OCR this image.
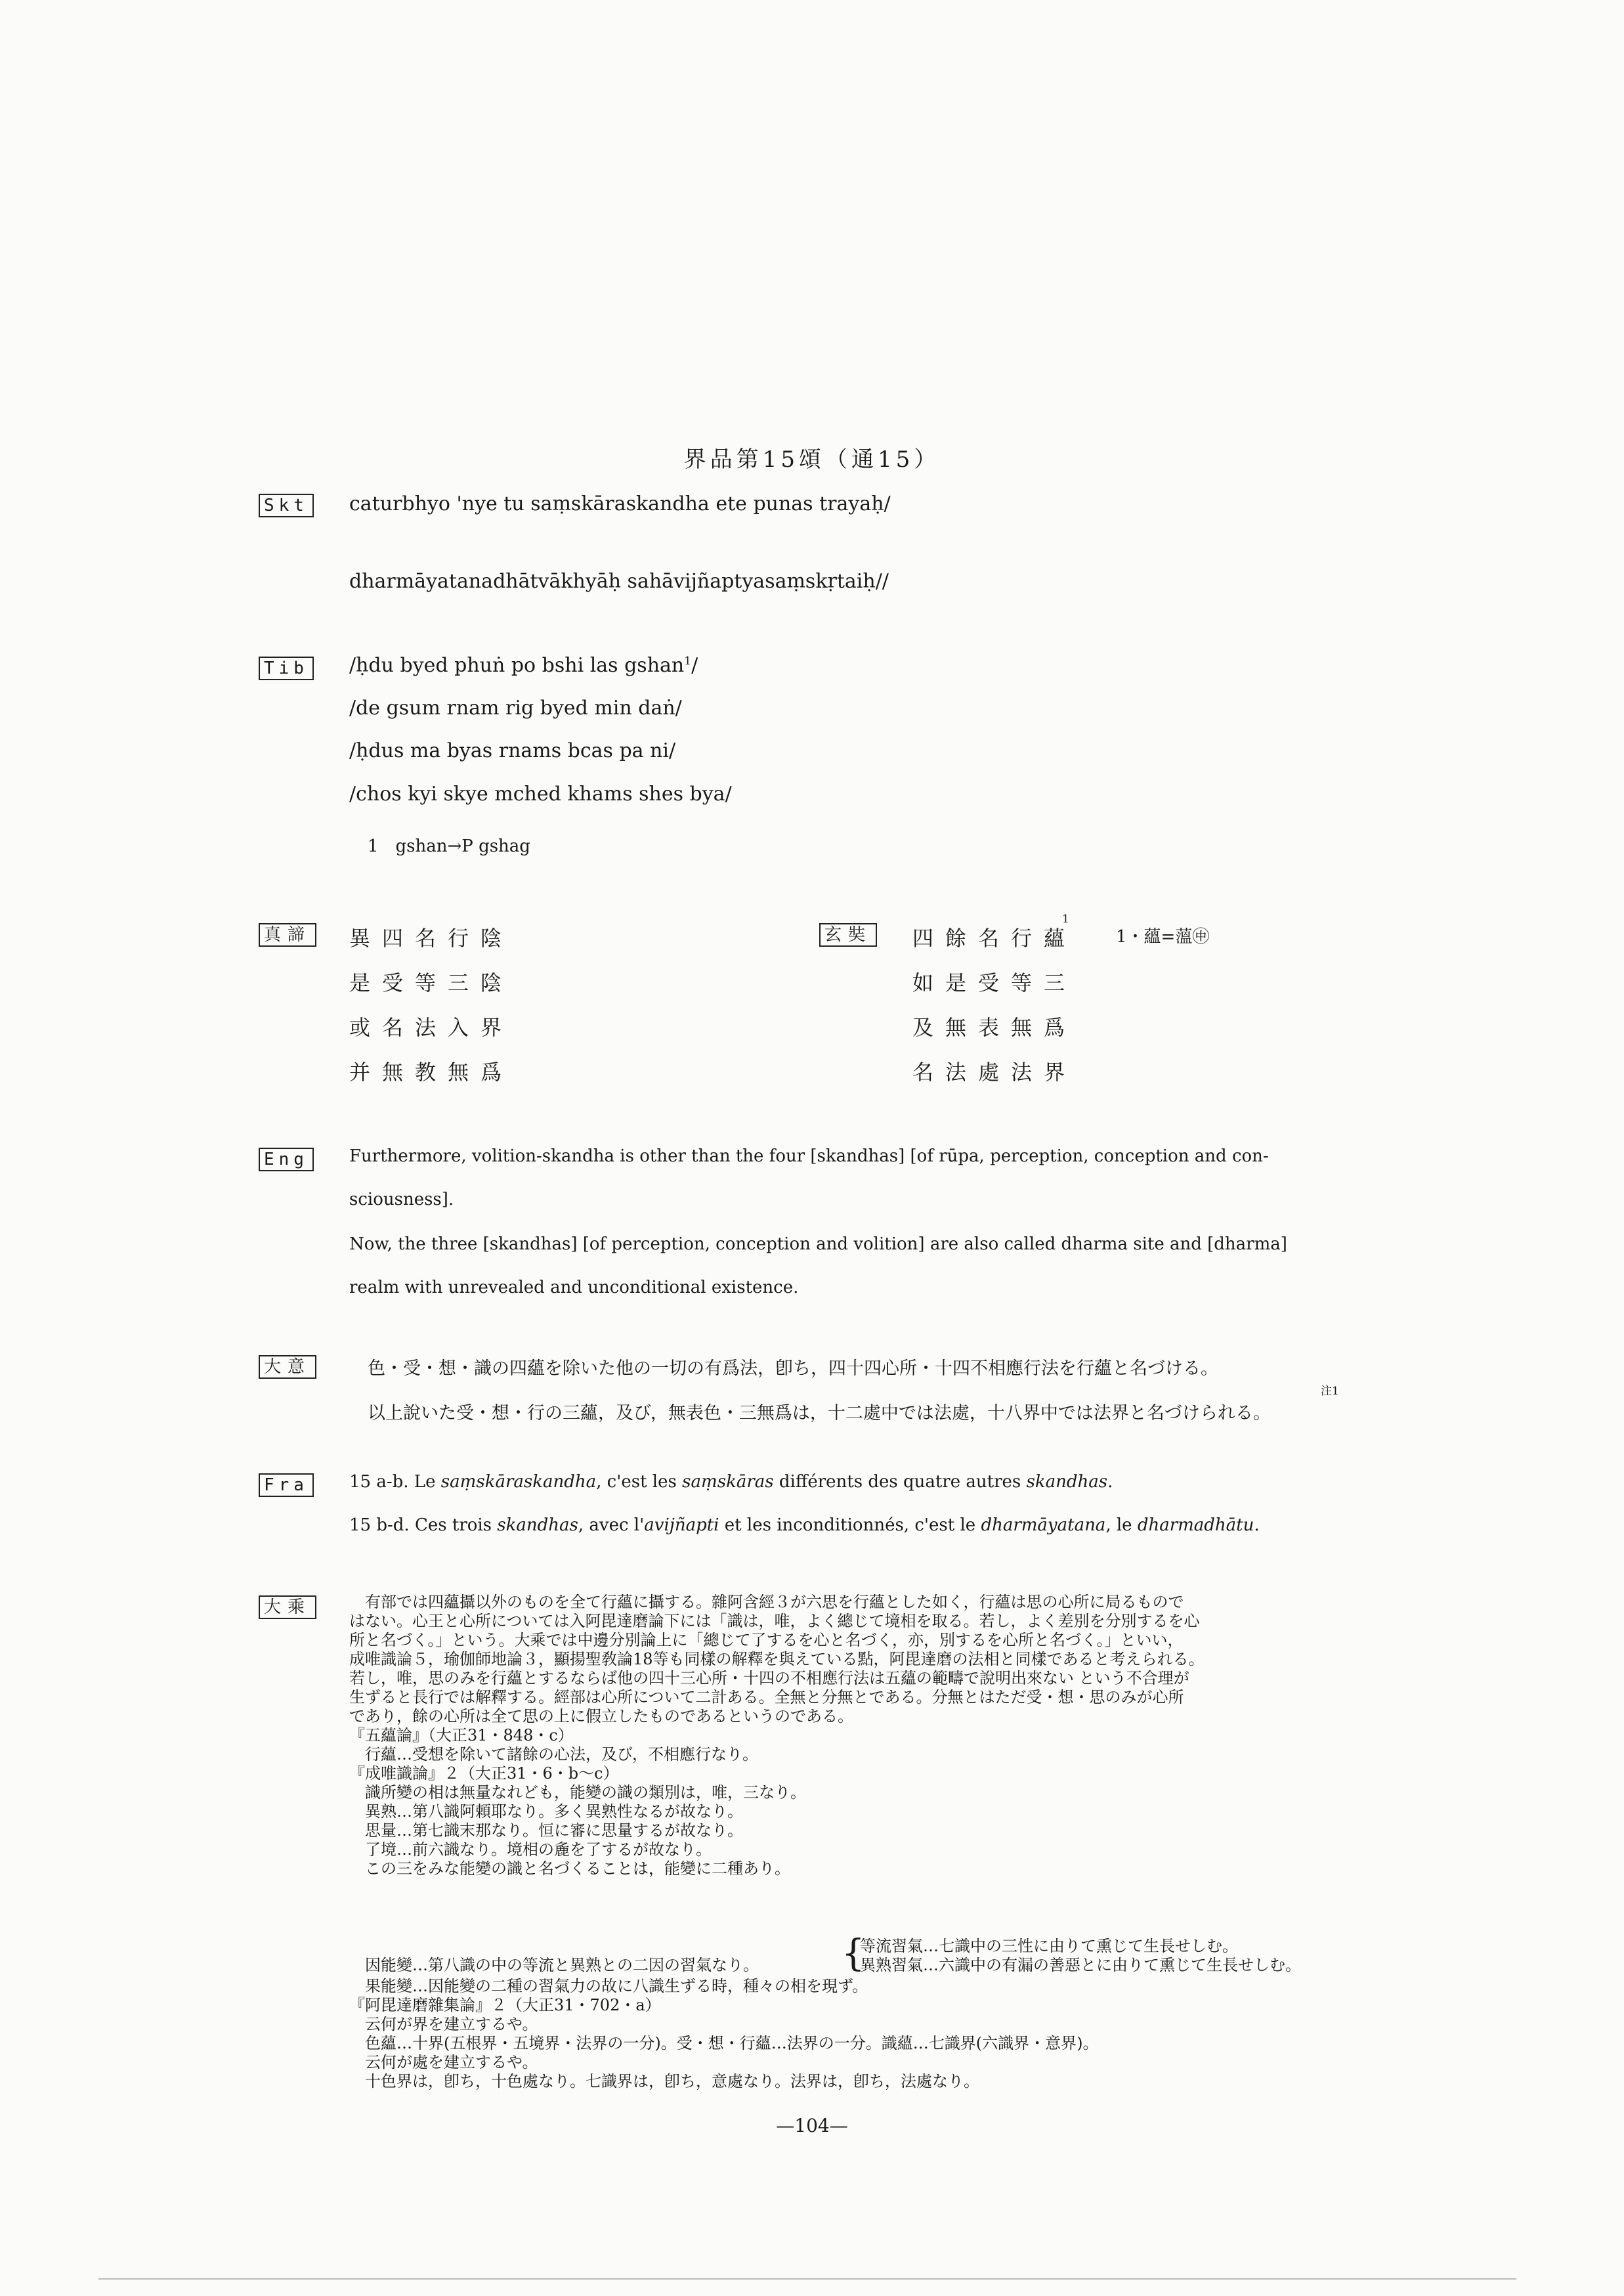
界品第15頌（通15）
Skt caturbhyo 'nye tu saṃskāraskandha ete punas trayaḥ/
dharmāyatanadhātvākhyāḥ sahāvijñaptyasaṃskṛtaiḥ//
Tib /ḥdu byed phuṅ po bshi las gshan$^1$/
/de gsum rnam rig byed min daṅ/
/ḥdus ma byas rnams bcas pa ni/
/chos kyi skye mched khams shes bya/
1　gshan→P gshag
真諦 異四名行陰
是受等三陰
或名法入界
并無教無爲
玄奘 四餘名行蘊
1
1・蘊=薀㊥
如是受等三
及無表無爲
名法處法界
Eng	Furthermore, volition-skandha is other than the four [skandhas] [of rūpa, perception, conception and con-
sciousness].
Now, the three [skandhas] [of perception, conception and volition] are also called dharma site and [dharma]
realm with unrevealed and unconditional existence.
大意	色・受・想・識の四蘊を除いた他の一切の有爲法，卽ち，四十四心所・十四不相應行法を行蘊と名づける。
以上說いた受・想・行の三蘊，及び，無表色・三無爲は，十二處中では法處，十八界中では法界と名づけられる。
注1
Fra	15 a-b. Le saṃskāraskandha, c'est les saṃskāras différents des quatre autres skandhas.
15 b-d. Ces trois skandhas, avec l'avijñapti et les inconditionnés, c'est le dharmāyatana, le dharmadhātu.
大乘	　有部では四蘊攝以外のものを全て行蘊に攝する。雜阿含經３が六思を行蘊とした如く，行蘊は思の心所に局るもので
はない。心王と心所については入阿毘達磨論下には「識は，唯，よく總じて境相を取る。若し，よく差別を分別するを心
所と名づく。」という。大乘では中邊分別論上に「總じて了するを心と名づく，亦，別するを心所と名づく。」といい，
成唯識論５，瑜伽師地論３，顯揚聖敎論18等も同樣の解釋を與えている點，阿毘達磨の法相と同樣であると考えられる。
若し，唯，思のみを行蘊とするならば他の四十三心所・十四の不相應行法は五蘊の範疇で說明出來ない という不合理が
生ずると長行では解釋する。經部は心所について二計ある。全無と分無とである。分無とはただ受・想・思のみが心所
であり，餘の心所は全て思の上に假立したものであるというのである。
『五蘊論』（大正31・848・c）
　行蘊…受想を除いて諸餘の心法，及び，不相應行なり。
『成唯識論』２（大正31・6・b～c）
　識所變の相は無量なれども，能變の識の類別は，唯，三なり。
　異熟…第八識阿頼耶なり。多く異熟性なるが故なり。
　思量…第七識末那なり。恒に審に思量するが故なり。
　了境…前六識なり。境相の麁を了するが故なり。
　この三をみな能變の識と名づくることは，能變に二種あり。
　因能變…第八識の中の等流と異熟との二因の習氣なり。 {
等流習氣…七識中の三性に由りて熏じて生長せしむ。
異熟習氣…六識中の有漏の善惡とに由りて熏じて生長せしむ。
　果能變…因能變の二種の習氣力の故に八識生ずる時，種々の相を現ず。
『阿毘達磨雜集論』２（大正31・702・a）
　云何が界を建立するや。
　色蘊…十界(五根界・五境界・法界の一分)。受・想・行蘊…法界の一分。識蘊…七識界(六識界・意界)。
　云何が處を建立するや。
　十色界は，卽ち，十色處なり。七識界は，卽ち，意處なり。法界は，卽ち，法處なり。
—104—
